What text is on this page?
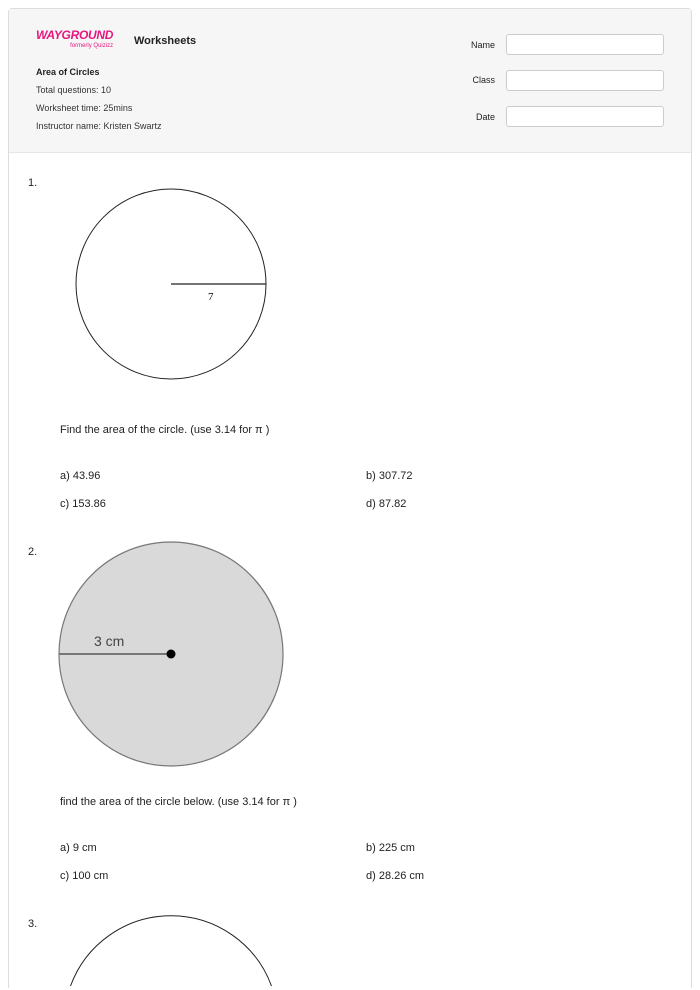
WAYGROUND
formerly Quizizz Worksheets
Area of Circles
Total questions: 10
Worksheet time: 25mins
Instructor name: Kristen Swartz
Name
Class
Date
7
3 cm
1.
Find the area of the circle. (use 3.14 for π )
a) 43.96	b) 307.72
c) 153.86	d) 87.82
2.
find the area of the circle below. (use 3.14 for π )
a) 9 cm	b) 225 cm
c) 100 cm	d) 28.26 cm
3.
